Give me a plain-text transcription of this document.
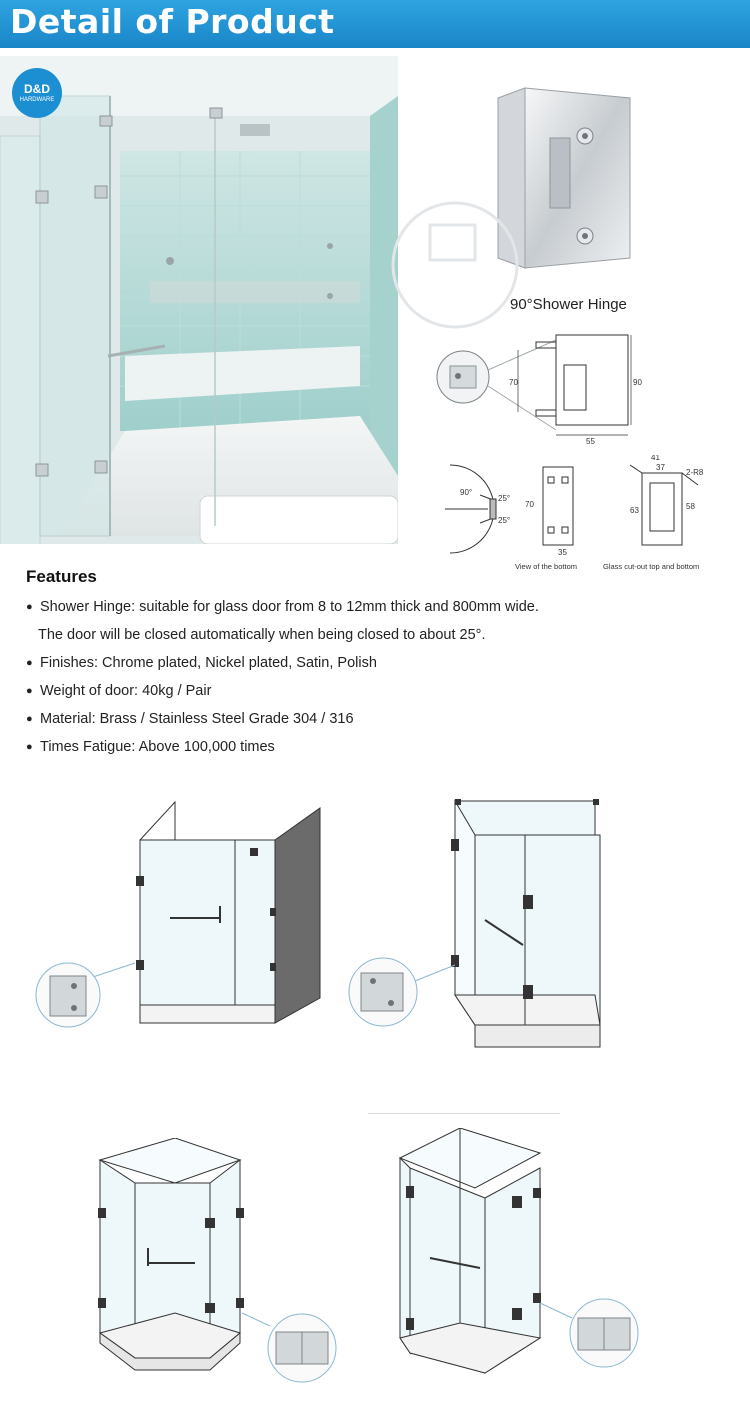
Detail of Product
D&D
HARDWARE
90°Shower Hinge
70	90
55
90°
25°
25°
70
35
41
37
2-R8
63	58
View of the bottom	Glass cut-out top and bottom
Features
● Shower Hinge: suitable for glass door from 8 to 12mm thick and 800mm wide.
The door will be closed automatically when being closed to about 25°.
● Finishes: Chrome plated, Nickel plated, Satin, Polish
● Weight of door: 40kg / Pair
● Material: Brass / Stainless Steel Grade 304 / 316
● Times Fatigue: Above 100,000 times
